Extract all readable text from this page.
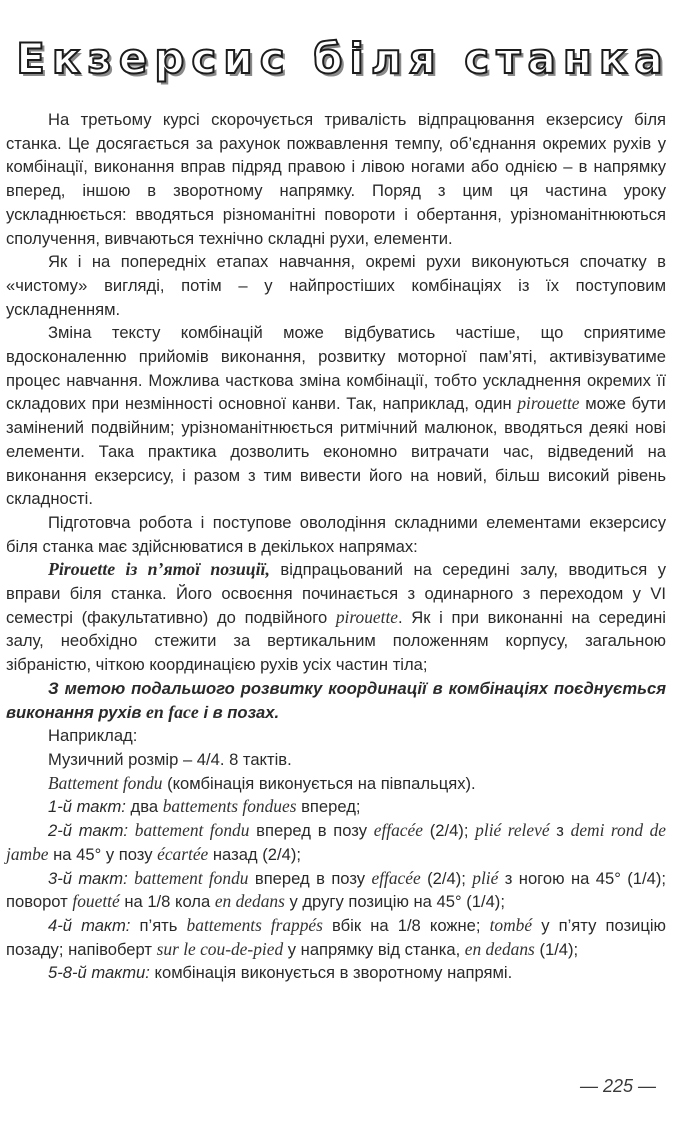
Екзерсис біля станка

На третьому курсі скорочується тривалість відпрацювання екзерсису біля станка. Це досягається за рахунок пожвавлення темпу, об’єднання окремих рухів у комбінації, виконання вправ підряд правою і лівою ногами або однією – в напрямку вперед, іншою в зворотному напрямку. Поряд з цим ця частина уроку ускладнюється: вводяться різноманітні повороти і обертання, урізноманітнюються сполучення, вивчаються технічно складні рухи, елементи.

Як і на попередніх етапах навчання, окремі рухи виконуються спочатку в «чистому» вигляді, потім – у найпростіших комбінаціях із їх поступовим ускладненням.

Зміна тексту комбінацій може відбуватись частіше, що сприятиме вдосконаленню прийомів виконання, розвитку моторної пам’яті, активізуватиме процес навчання. Можлива часткова зміна комбінації, тобто ускладнення окремих її складових при незмінності основної канви. Так, наприклад, один pirouette може бути замінений подвійним; урізноманітнюється ритмічний малюнок, вводяться деякі нові елементи. Така практика дозволить економно витрачати час, відведений на виконання екзерсису, і разом з тим вивести його на новий, більш високий рівень складності.

Підготовча робота і поступове оволодіння складними елементами екзерсису біля станка має здійснюватися в декількох напрямах:

Pirouette із п’ятої позиції, відпрацьований на середині залу, вводиться у вправи біля станка. Його освоєння починається з одинарного з переходом у VI семестрі (факультативно) до подвійного pirouette. Як і при виконанні на середині залу, необхідно стежити за вертикальним положенням корпусу, загальною зібраністю, чіткою координацією рухів усіх частин тіла;

З метою подальшого розвитку координації в комбінаціях поєднується виконання рухів en face і в позах.

Наприклад:

Музичний розмір – 4/4. 8 тактів.

Battement fondu (комбінація виконується на півпальцях).

1-й такт: два battements fondues вперед;

2-й такт: battement fondu вперед в позу effacée (2/4); plié relevé з demi rond de jambe на 45° у позу écartée назад (2/4);

3-й такт: battement fondu вперед в позу effacée (2/4); plié з ногою на 45° (1/4); поворот fouetté на 1/8 кола en dedans у другу позицію на 45° (1/4);

4-й такт: п’ять battements frappés вбік на 1/8 кожне; tombé у п’яту позицію позаду; напівоберт sur le cou-de-pied у напрямку від станка, en dedans (1/4);

5-8-й такти: комбінація виконується в зворотному напрямі.

— 225 —
